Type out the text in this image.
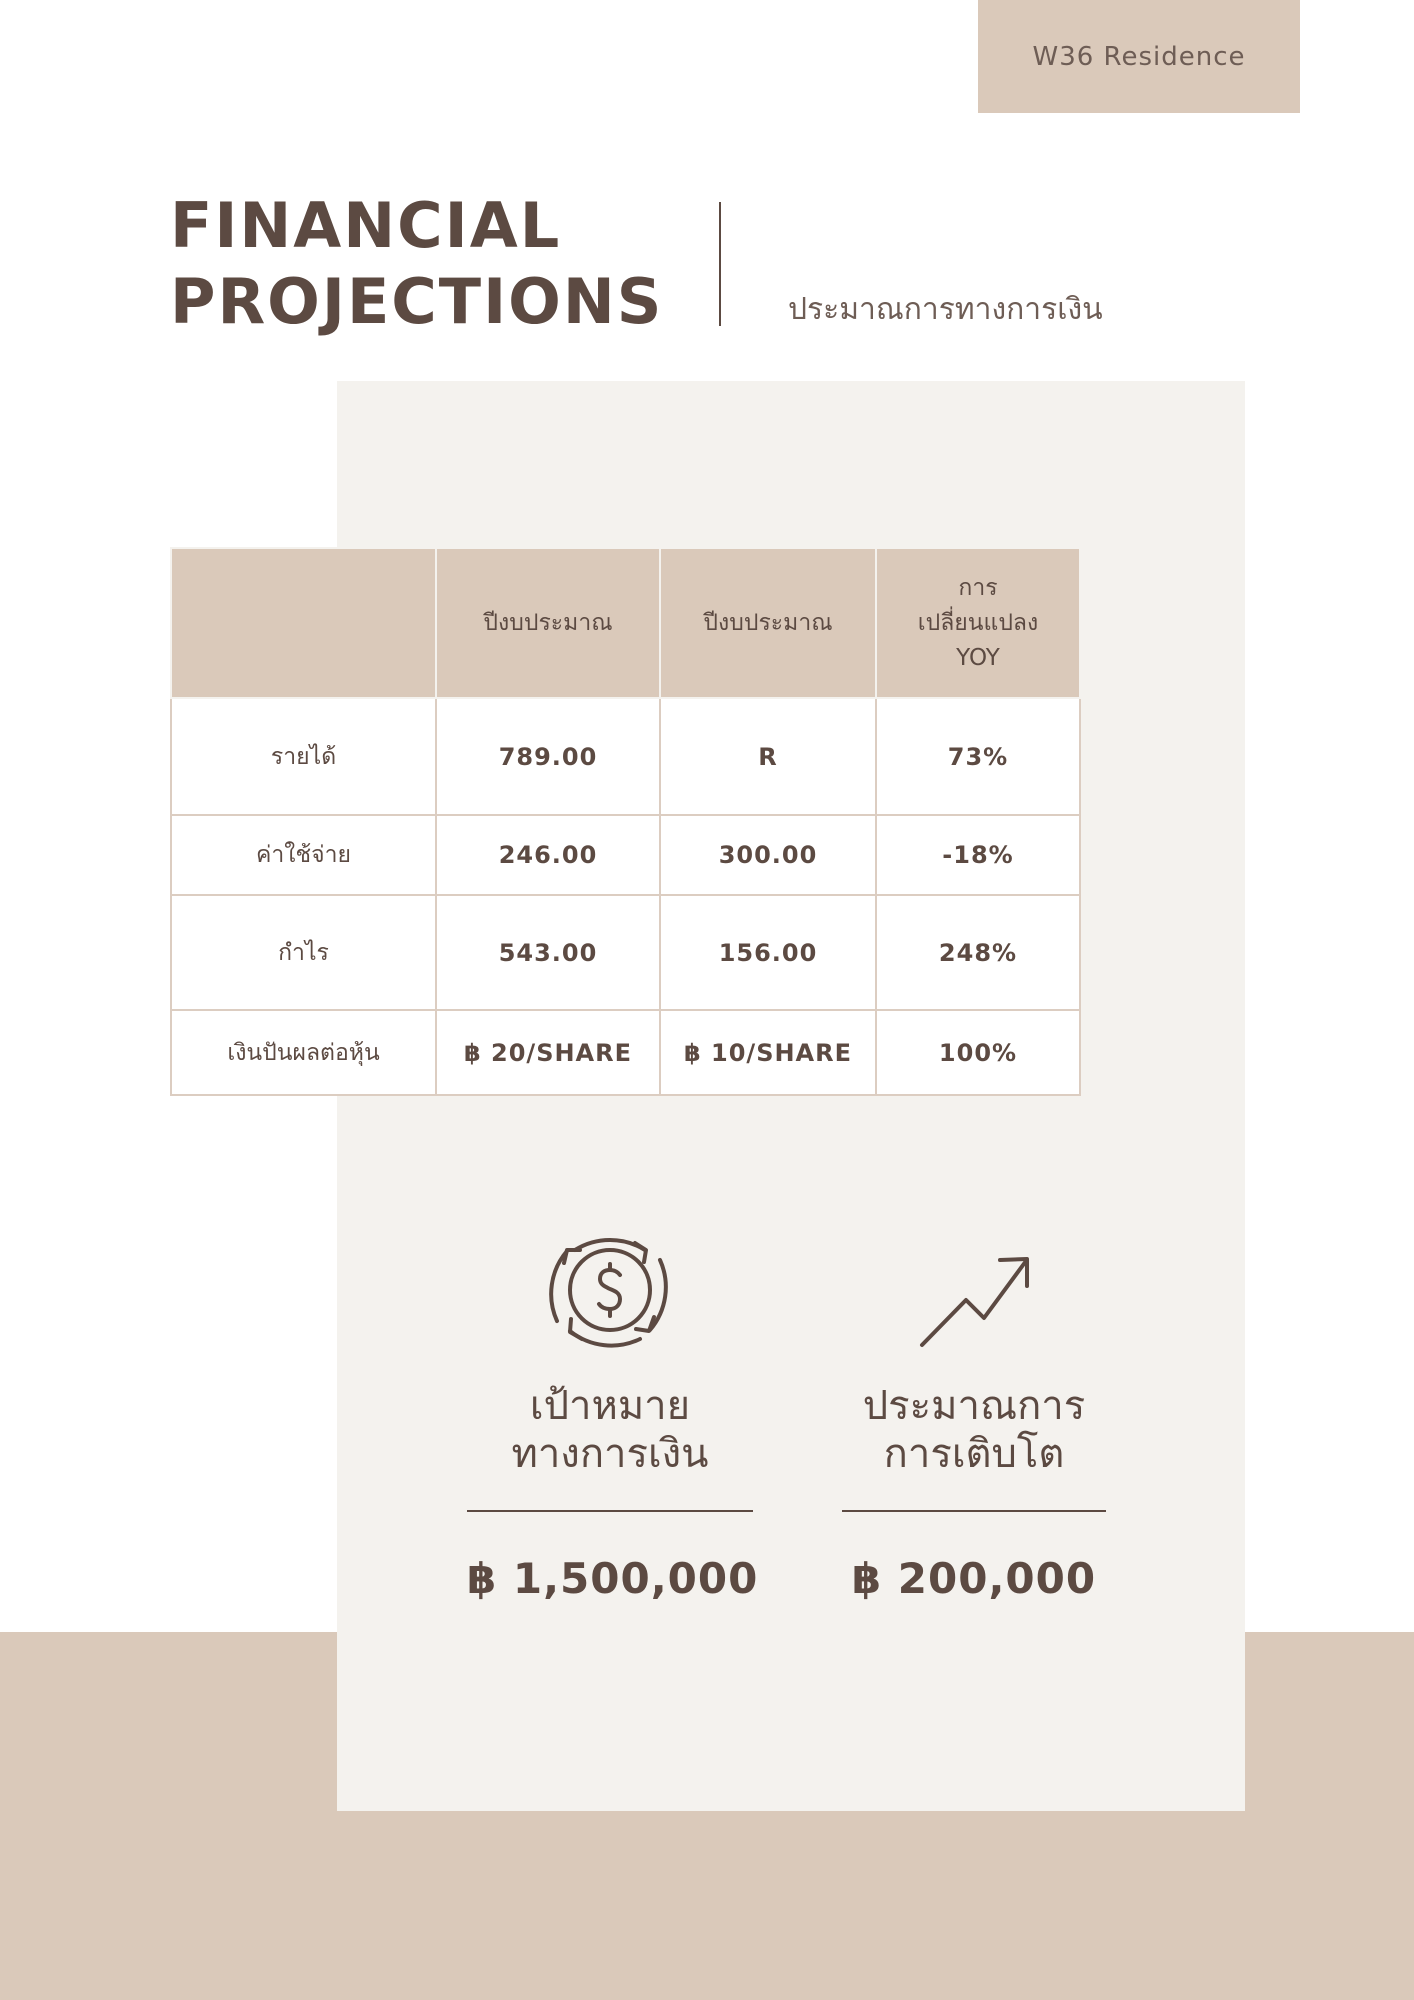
W36 Residence
FINANCIAL
PROJECTIONS	ประมาณการทางการเงิน
	ปีงบประมาณ	ปีงบประมาณ	การ
เปลี่ยนแปลง
YOY

รายได้	789.00	R	73%
ค่าใช้จ่าย	246.00	300.00	-18%
กำไร	543.00	156.00	248%
เงินปันผลต่อหุ้น	฿ 20/SHARE	฿ 10/SHARE	100%
เป้าหมาย
ทางการเงิน
฿ 1,500,000
ประมาณการ
การเติบโต
฿ 200,000
